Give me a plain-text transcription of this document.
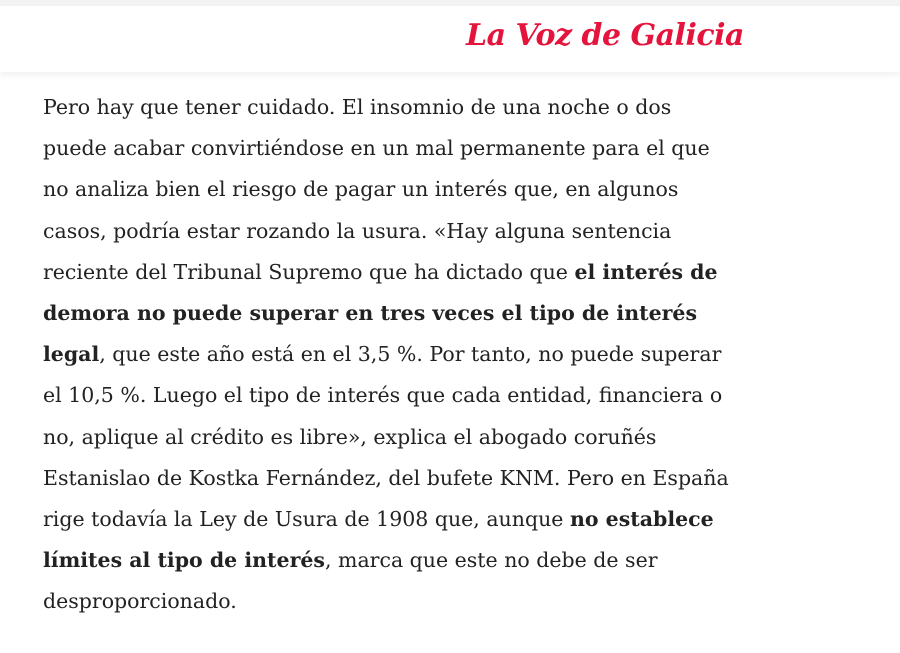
La Voz de Galicia
Pero hay que tener cuidado. El insomnio de una noche o dos
puede acabar convirtiéndose en un mal permanente para el que
no analiza bien el riesgo de pagar un interés que, en algunos
casos, podría estar rozando la usura. «Hay alguna sentencia
reciente del Tribunal Supremo que ha dictado que el interés de
demora no puede superar en tres veces el tipo de interés
legal, que este año está en el 3,5 %. Por tanto, no puede superar
el 10,5 %. Luego el tipo de interés que cada entidad, financiera o
no, aplique al crédito es libre», explica el abogado coruñés
Estanislao de Kostka Fernández, del bufete KNM. Pero en España
rige todavía la Ley de Usura de 1908 que, aunque no establece
límites al tipo de interés, marca que este no debe de ser
desproporcionado.
